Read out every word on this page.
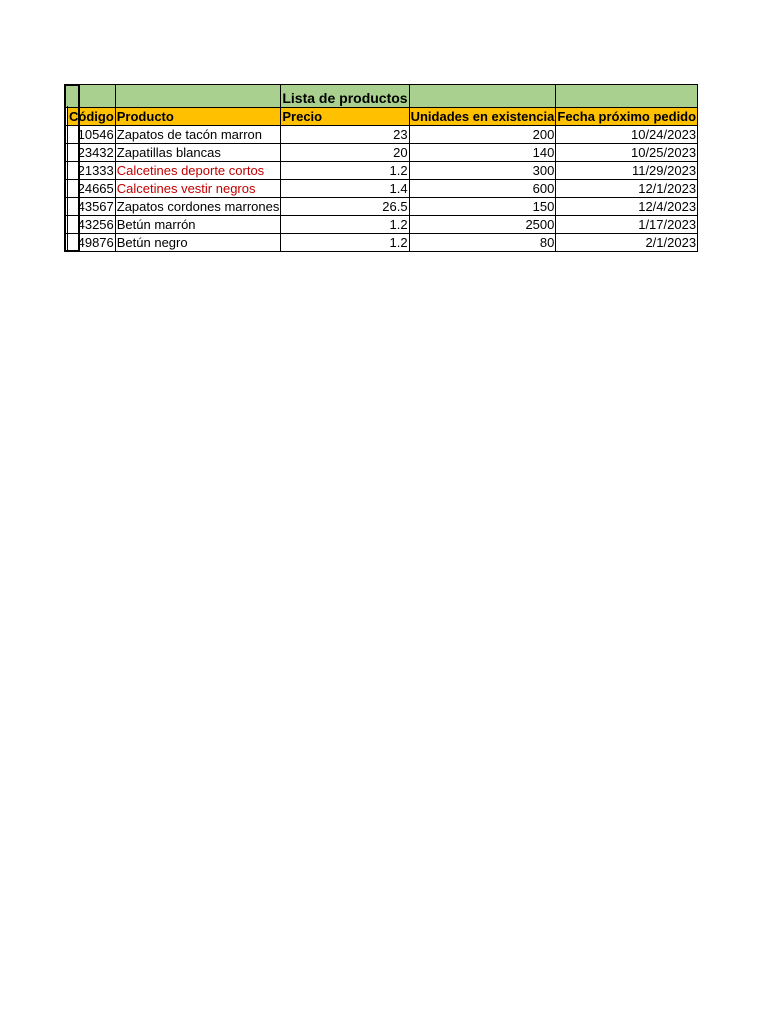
			Lista de productos		
	Código	Producto	Precio	Unidades en existencia	Fecha próximo pedido
	10546	Zapatos de tacón marron	23	200	10/24/2023
	23432	Zapatillas blancas	20	140	10/25/2023
	21333	Calcetines deporte cortos	1.2	300	11/29/2023
	24665	Calcetines vestir negros	1.4	600	12/1/2023
	43567	Zapatos cordones marrones	26.5	150	12/4/2023
	43256	Betún marrón	1.2	2500	1/17/2023
	49876	Betún negro	1.2	80	2/1/2023
